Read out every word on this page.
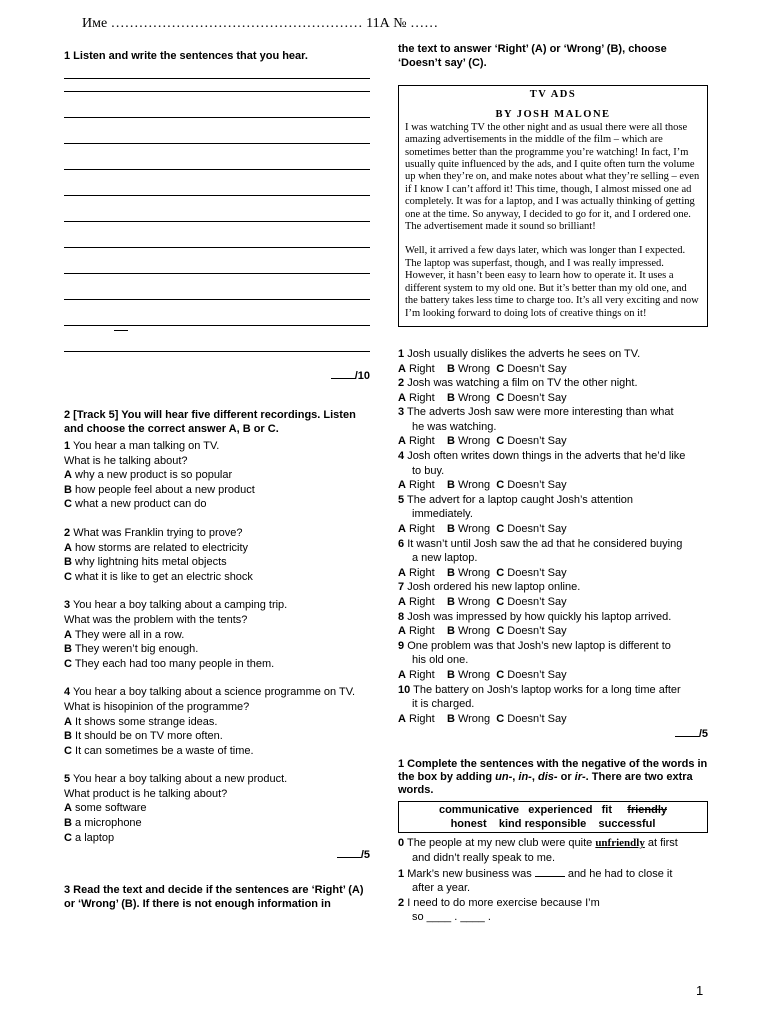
Име ……………………………………………… 11А № ……
1 Listen and write the sentences that you hear.
/10
2 [Track 5] You will hear five different recordings. Listen and choose the correct answer A, B or C.
1 You hear a man talking on TV.
What is he talking about?
A why a new product is so popular
B how people feel about a new product
C what a new product can do
2 What was Franklin trying to prove?
A how storms are related to electricity
B why lightning hits metal objects
C what it is like to get an electric shock
3 You hear a boy talking about a camping trip.
What was the problem with the tents?
A They were all in a row.
B They weren’t big enough.
C They each had too many people in them.
4 You hear a boy talking about a science programme on TV.
What is hisopinion of the programme?
A It shows some strange ideas.
B It should be on TV more often.
C It can sometimes be a waste of time.
5 You hear a boy talking about a new product.
What product is he talking about?
A some software
B a microphone
C a laptop
/5
3 Read the text and decide if the sentences are ‘Right’ (A) or ‘Wrong’ (B). If there is not enough information in
the text to answer ‘Right’ (A) or ‘Wrong’ (B), choose ‘Doesn’t say’ (C).
TV ADS
BY JOSH MALONE
I was watching TV the other night and as usual there were all those amazing advertisements in the middle of the film – which are sometimes better than the programme you’re watching! In fact, I’m usually quite influenced by the ads, and I quite often turn the volume up when they’re on, and make notes about what they’re selling – even if I know I can’t afford it! This time, though, I almost missed one ad completely. It was for a laptop, and I was actually thinking of getting one at the time. So anyway, I decided to go for it, and I ordered one. The advertisement made it sound so brilliant!
Well, it arrived a few days later, which was longer than I expected. The laptop was superfast, though, and I was really impressed. However, it hasn’t been easy to learn how to operate it. It uses a different system to my old one. But it’s better than my old one, and the battery takes less time to charge too. It’s all very exciting and now I’m looking forward to doing lots of creative things on it!
1 Josh usually dislikes the adverts he sees on TV.
A Right B Wrong C Doesn’t Say
2 Josh was watching a film on TV the other night.
A Right B Wrong C Doesn’t Say
3 The adverts Josh saw were more interesting than what
he was watching.
A Right B Wrong C Doesn’t Say
4 Josh often writes down things in the adverts that he’d like
to buy.
A Right B Wrong C Doesn’t Say
5 The advert for a laptop caught Josh’s attention
immediately.
A Right B Wrong C Doesn’t Say
6 It wasn’t until Josh saw the ad that he considered buying
a new laptop.
A Right B Wrong C Doesn’t Say
7 Josh ordered his new laptop online.
A Right B Wrong C Doesn’t Say
8 Josh was impressed by how quickly his laptop arrived.
A Right B Wrong C Doesn’t Say
9 One problem was that Josh’s new laptop is different to
his old one.
A Right B Wrong C Doesn’t Say
10 The battery on Josh’s laptop works for a long time after
it is charged.
A Right B Wrong C Doesn’t Say
/5
1 Complete the sentences with the negative of the words in the box by adding un-, in-, dis- or ir-. There are two extra words.
communicative experienced fit friendly
honest kind responsible successful
0 The people at my new club were quite unfriendly at first
and didn’t really speak to me.
1 Mark’s new business was	and he had to close it
after a year.
2 I need to do more exercise because I’m
so ____ . ____ .
1
